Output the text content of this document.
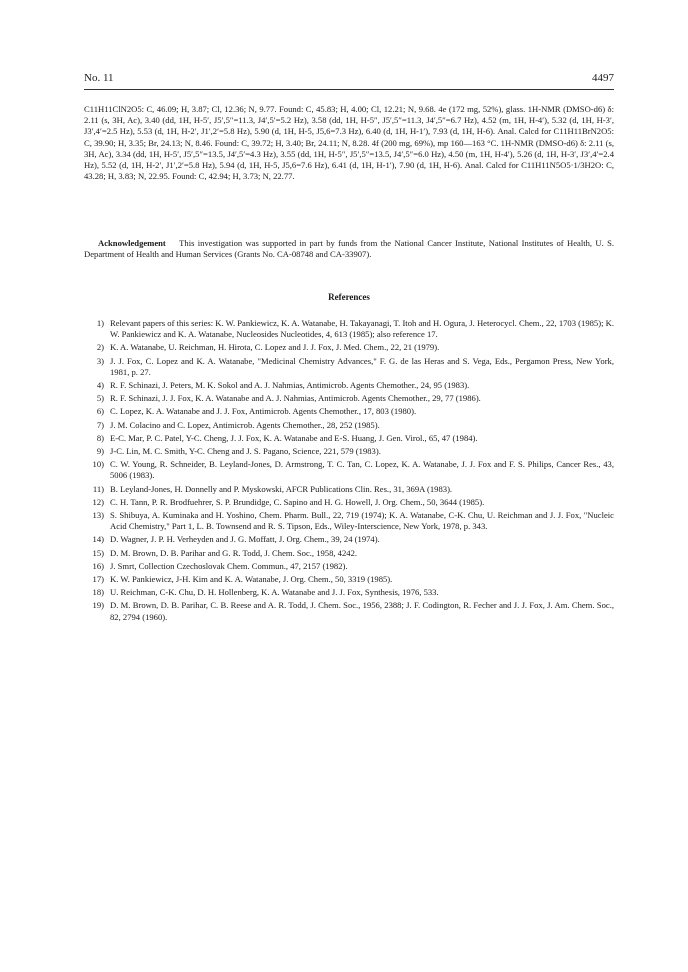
No. 11	4497
C11H11ClN2O5: C, 46.09; H, 3.87; Cl, 12.36; N, 9.77. Found: C, 45.83; H, 4.00; Cl, 12.21; N, 9.68. 4e (172 mg, 52%), glass. 1H-NMR (DMSO-d6) δ: 2.11 (s, 3H, Ac), 3.40 (dd, 1H, H-5′, J5′,5″=11.3, J4′,5′=5.2 Hz), 3.58 (dd, 1H, H-5″, J5′,5″=11.3, J4′,5″=6.7 Hz), 4.52 (m, 1H, H-4′), 5.32 (d, 1H, H-3′, J3′,4′=2.5 Hz), 5.53 (d, 1H, H-2′, J1′,2′=5.8 Hz), 5.90 (d, 1H, H-5, J5,6=7.3 Hz), 6.40 (d, 1H, H-1′), 7.93 (d, 1H, H-6). Anal. Calcd for C11H11BrN2O5: C, 39.90; H, 3.35; Br, 24.13; N, 8.46. Found: C, 39.72; H, 3.40; Br, 24.11; N, 8.28. 4f (200 mg, 69%), mp 160—163 °C. 1H-NMR (DMSO-d6) δ: 2.11 (s, 3H, Ac), 3.34 (dd, 1H, H-5′, J5′,5″=13.5, J4′,5′=4.3 Hz), 3.55 (dd, 1H, H-5″, J5′,5″=13.5, J4′,5″=6.0 Hz), 4.50 (m, 1H, H-4′), 5.26 (d, 1H, H-3′, J3′,4′=2.4 Hz), 5.52 (d, 1H, H-2′, J1′,2′=5.8 Hz), 5.94 (d, 1H, H-5, J5,6=7.6 Hz), 6.41 (d, 1H, H-1′), 7.90 (d, 1H, H-6). Anal. Calcd for C11H11N5O5·1/3H2O: C, 43.28; H, 3.83; N, 22.95. Found: C, 42.94; H, 3.73; N, 22.77.
Acknowledgement This investigation was supported in part by funds from the National Cancer Institute, National Institutes of Health, U. S. Department of Health and Human Services (Grants No. CA-08748 and CA-33907).
References
1) Relevant papers of this series: K. W. Pankiewicz, K. A. Watanabe, H. Takayanagi, T. Itoh and H. Ogura, J. Heterocycl. Chem., 22, 1703 (1985); K. W. Pankiewicz and K. A. Watanabe, Nucleosides Nucleotides, 4, 613 (1985); also reference 17.
2) K. A. Watanabe, U. Reichman, H. Hirota, C. Lopez and J. J. Fox, J. Med. Chem., 22, 21 (1979).
3) J. J. Fox, C. Lopez and K. A. Watanabe, "Medicinal Chemistry Advances," F. G. de las Heras and S. Vega, Eds., Pergamon Press, New York, 1981, p. 27.
4) R. F. Schinazi, J. Peters, M. K. Sokol and A. J. Nahmias, Antimicrob. Agents Chemother., 24, 95 (1983).
5) R. F. Schinazi, J. J. Fox, K. A. Watanabe and A. J. Nahmias, Antimicrob. Agents Chemother., 29, 77 (1986).
6) C. Lopez, K. A. Watanabe and J. J. Fox, Antimicrob. Agents Chemother., 17, 803 (1980).
7) J. M. Colacino and C. Lopez, Antimicrob. Agents Chemother., 28, 252 (1985).
8) E-C. Mar, P. C. Patel, Y-C. Cheng, J. J. Fox, K. A. Watanabe and E-S. Huang, J. Gen. Virol., 65, 47 (1984).
9) J-C. Lin, M. C. Smith, Y-C. Cheng and J. S. Pagano, Science, 221, 579 (1983).
10) C. W. Young, R. Schneider, B. Leyland-Jones, D. Armstrong, T. C. Tan, C. Lopez, K. A. Watanabe, J. J. Fox and F. S. Philips, Cancer Res., 43, 5006 (1983).
11) B. Leyland-Jones, H. Donnelly and P. Myskowski, AFCR Publications Clin. Res., 31, 369A (1983).
12) C. H. Tann, P. R. Brodfuehrer, S. P. Brundidge, C. Sapino and H. G. Howell, J. Org. Chem., 50, 3644 (1985).
13) S. Shibuya, A. Kuminaka and H. Yoshino, Chem. Pharm. Bull., 22, 719 (1974); K. A. Watanabe, C-K. Chu, U. Reichman and J. J. Fox, "Nucleic Acid Chemistry," Part 1, L. B. Townsend and R. S. Tipson, Eds., Wiley-Interscience, New York, 1978, p. 343.
14) D. Wagner, J. P. H. Verheyden and J. G. Moffatt, J. Org. Chem., 39, 24 (1974).
15) D. M. Brown, D. B. Parihar and G. R. Todd, J. Chem. Soc., 1958, 4242.
16) J. Smrt, Collection Czechoslovak Chem. Commun., 47, 2157 (1982).
17) K. W. Pankiewicz, J-H. Kim and K. A. Watanabe, J. Org. Chem., 50, 3319 (1985).
18) U. Reichman, C-K. Chu, D. H. Hollenberg, K. A. Watanabe and J. J. Fox, Synthesis, 1976, 533.
19) D. M. Brown, D. B. Parihar, C. B. Reese and A. R. Todd, J. Chem. Soc., 1956, 2388; J. F. Codington, R. Fecher and J. J. Fox, J. Am. Chem. Soc., 82, 2794 (1960).
